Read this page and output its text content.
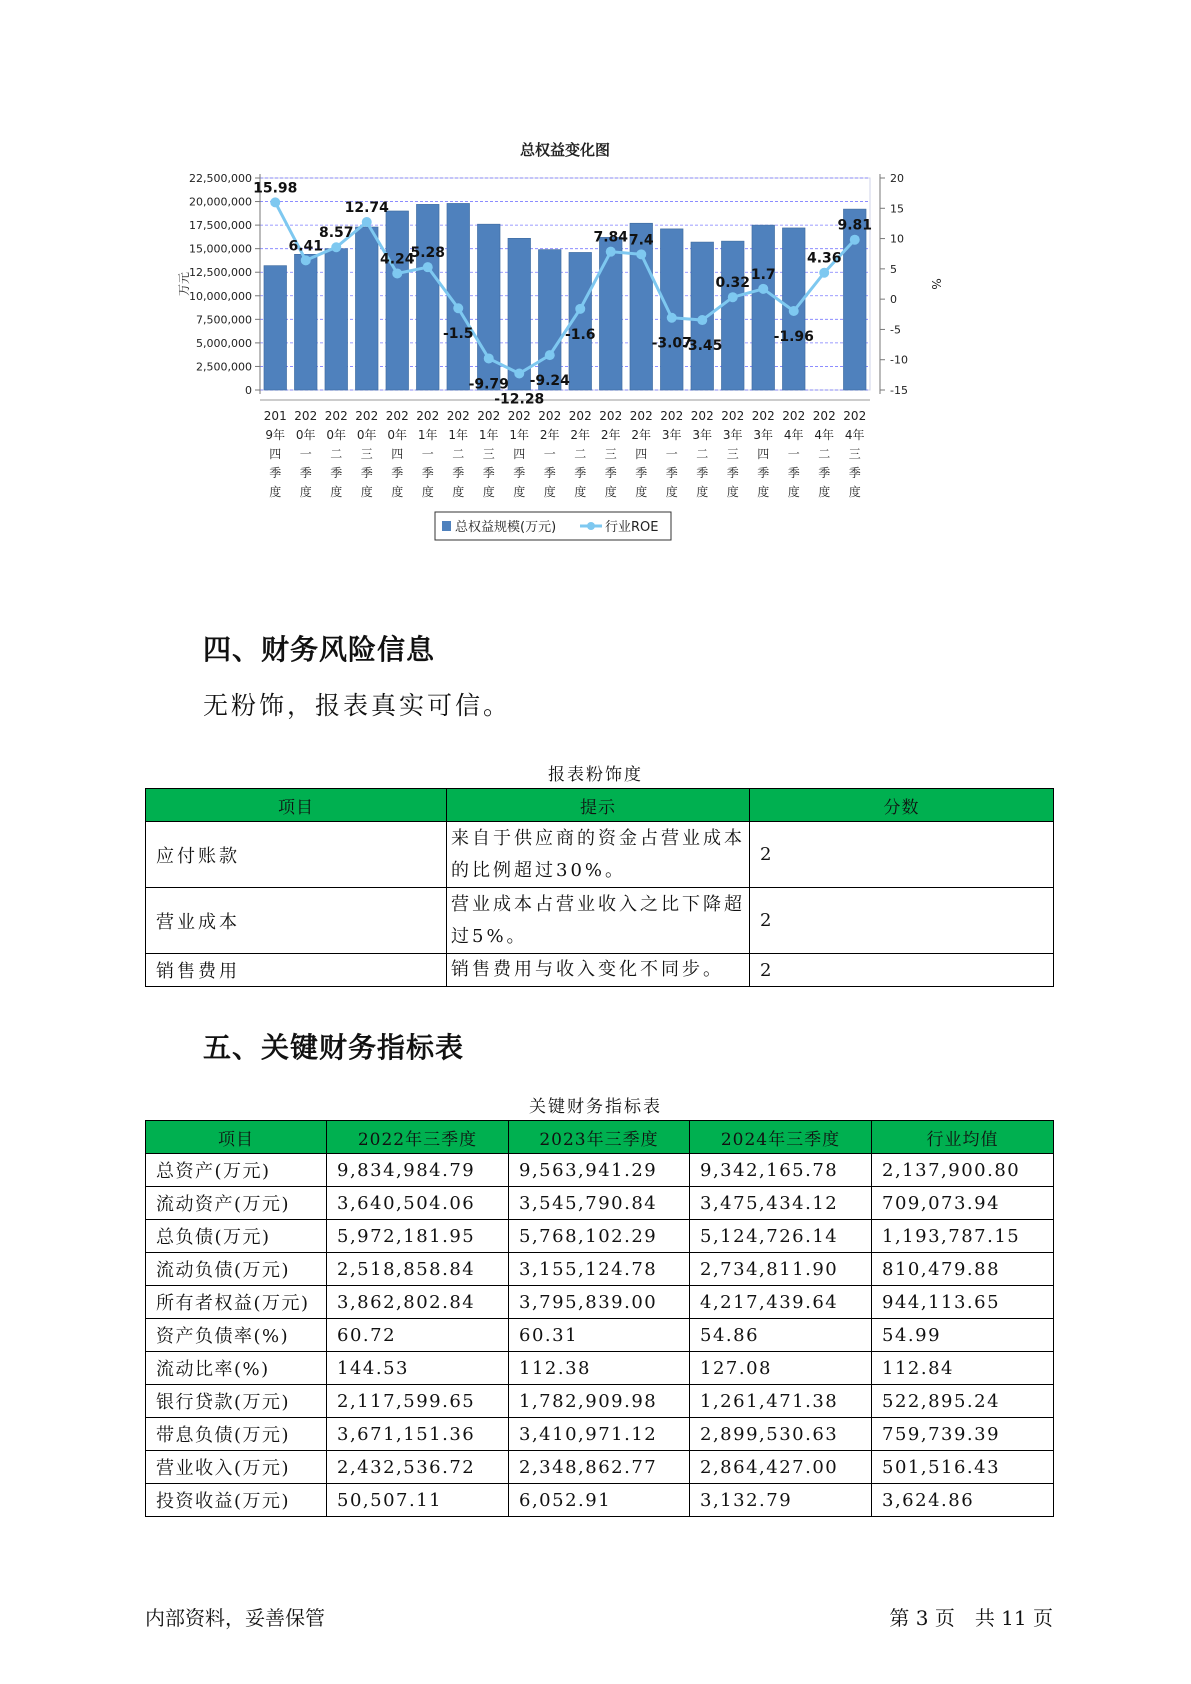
总权益变化图
22,500,000
20,000,000
17,500,000
15,000,000
12,500,000
10,000,000
7,500,000
5,000,000
2,500,000
0
万元
20
15
10
5
0
-5
-10
-15
%
15.98
6.41
8.57
12.74
4.24
5.28
-1.5
-9.79
-12.28
-9.24
-1.6
7.84 7.4
-3.07
-3.45
0.32
1.7
-1.96
4.36
9.81
201 9年四季度
202 0年一季度
202 0年二季度
202 0年三季度
202 0年四季度
202 1年一季度
202 1年二季度
202 1年三季度
202 1年四季度
202 2年一季度
202 2年二季度
202 2年三季度
202 2年四季度
202 3年一季度
202 3年二季度
202 3年三季度
202 3年四季度
202 4年一季度
202 4年二季度
202 4年三季度
总权益规模(万元)	行业ROE
四、财务风险信息
无粉饰，报表真实可信。
报表粉饰度
项目	提示	分数
应付账款	来自于供应商的资金占营业成本的比例超过30%。	2
营业成本	营业成本占营业收入之比下降超过5%。	2
销售费用	销售费用与收入变化不同步。	2
五、关键财务指标表
关键财务指标表
项目	2022年三季度	2023年三季度	2024年三季度	行业均值
总资产(万元)	9,834,984.79	9,563,941.29	9,342,165.78	2,137,900.80
流动资产(万元)	3,640,504.06	3,545,790.84	3,475,434.12	709,073.94
总负债(万元)	5,972,181.95	5,768,102.29	5,124,726.14	1,193,787.15
流动负债(万元)	2,518,858.84	3,155,124.78	2,734,811.90	810,479.88
所有者权益(万元)	3,862,802.84	3,795,839.00	4,217,439.64	944,113.65
资产负债率(%)	60.72	60.31	54.86	54.99
流动比率(%)	144.53	112.38	127.08	112.84
银行贷款(万元)	2,117,599.65	1,782,909.98	1,261,471.38	522,895.24
带息负债(万元)	3,671,151.36	3,410,971.12	2,899,530.63	759,739.39
营业收入(万元)	2,432,536.72	2,348,862.77	2,864,427.00	501,516.43
投资收益(万元)	50,507.11	6,052.91	3,132.79	3,624.86
内部资料，妥善保管	第 3 页　共 11 页
